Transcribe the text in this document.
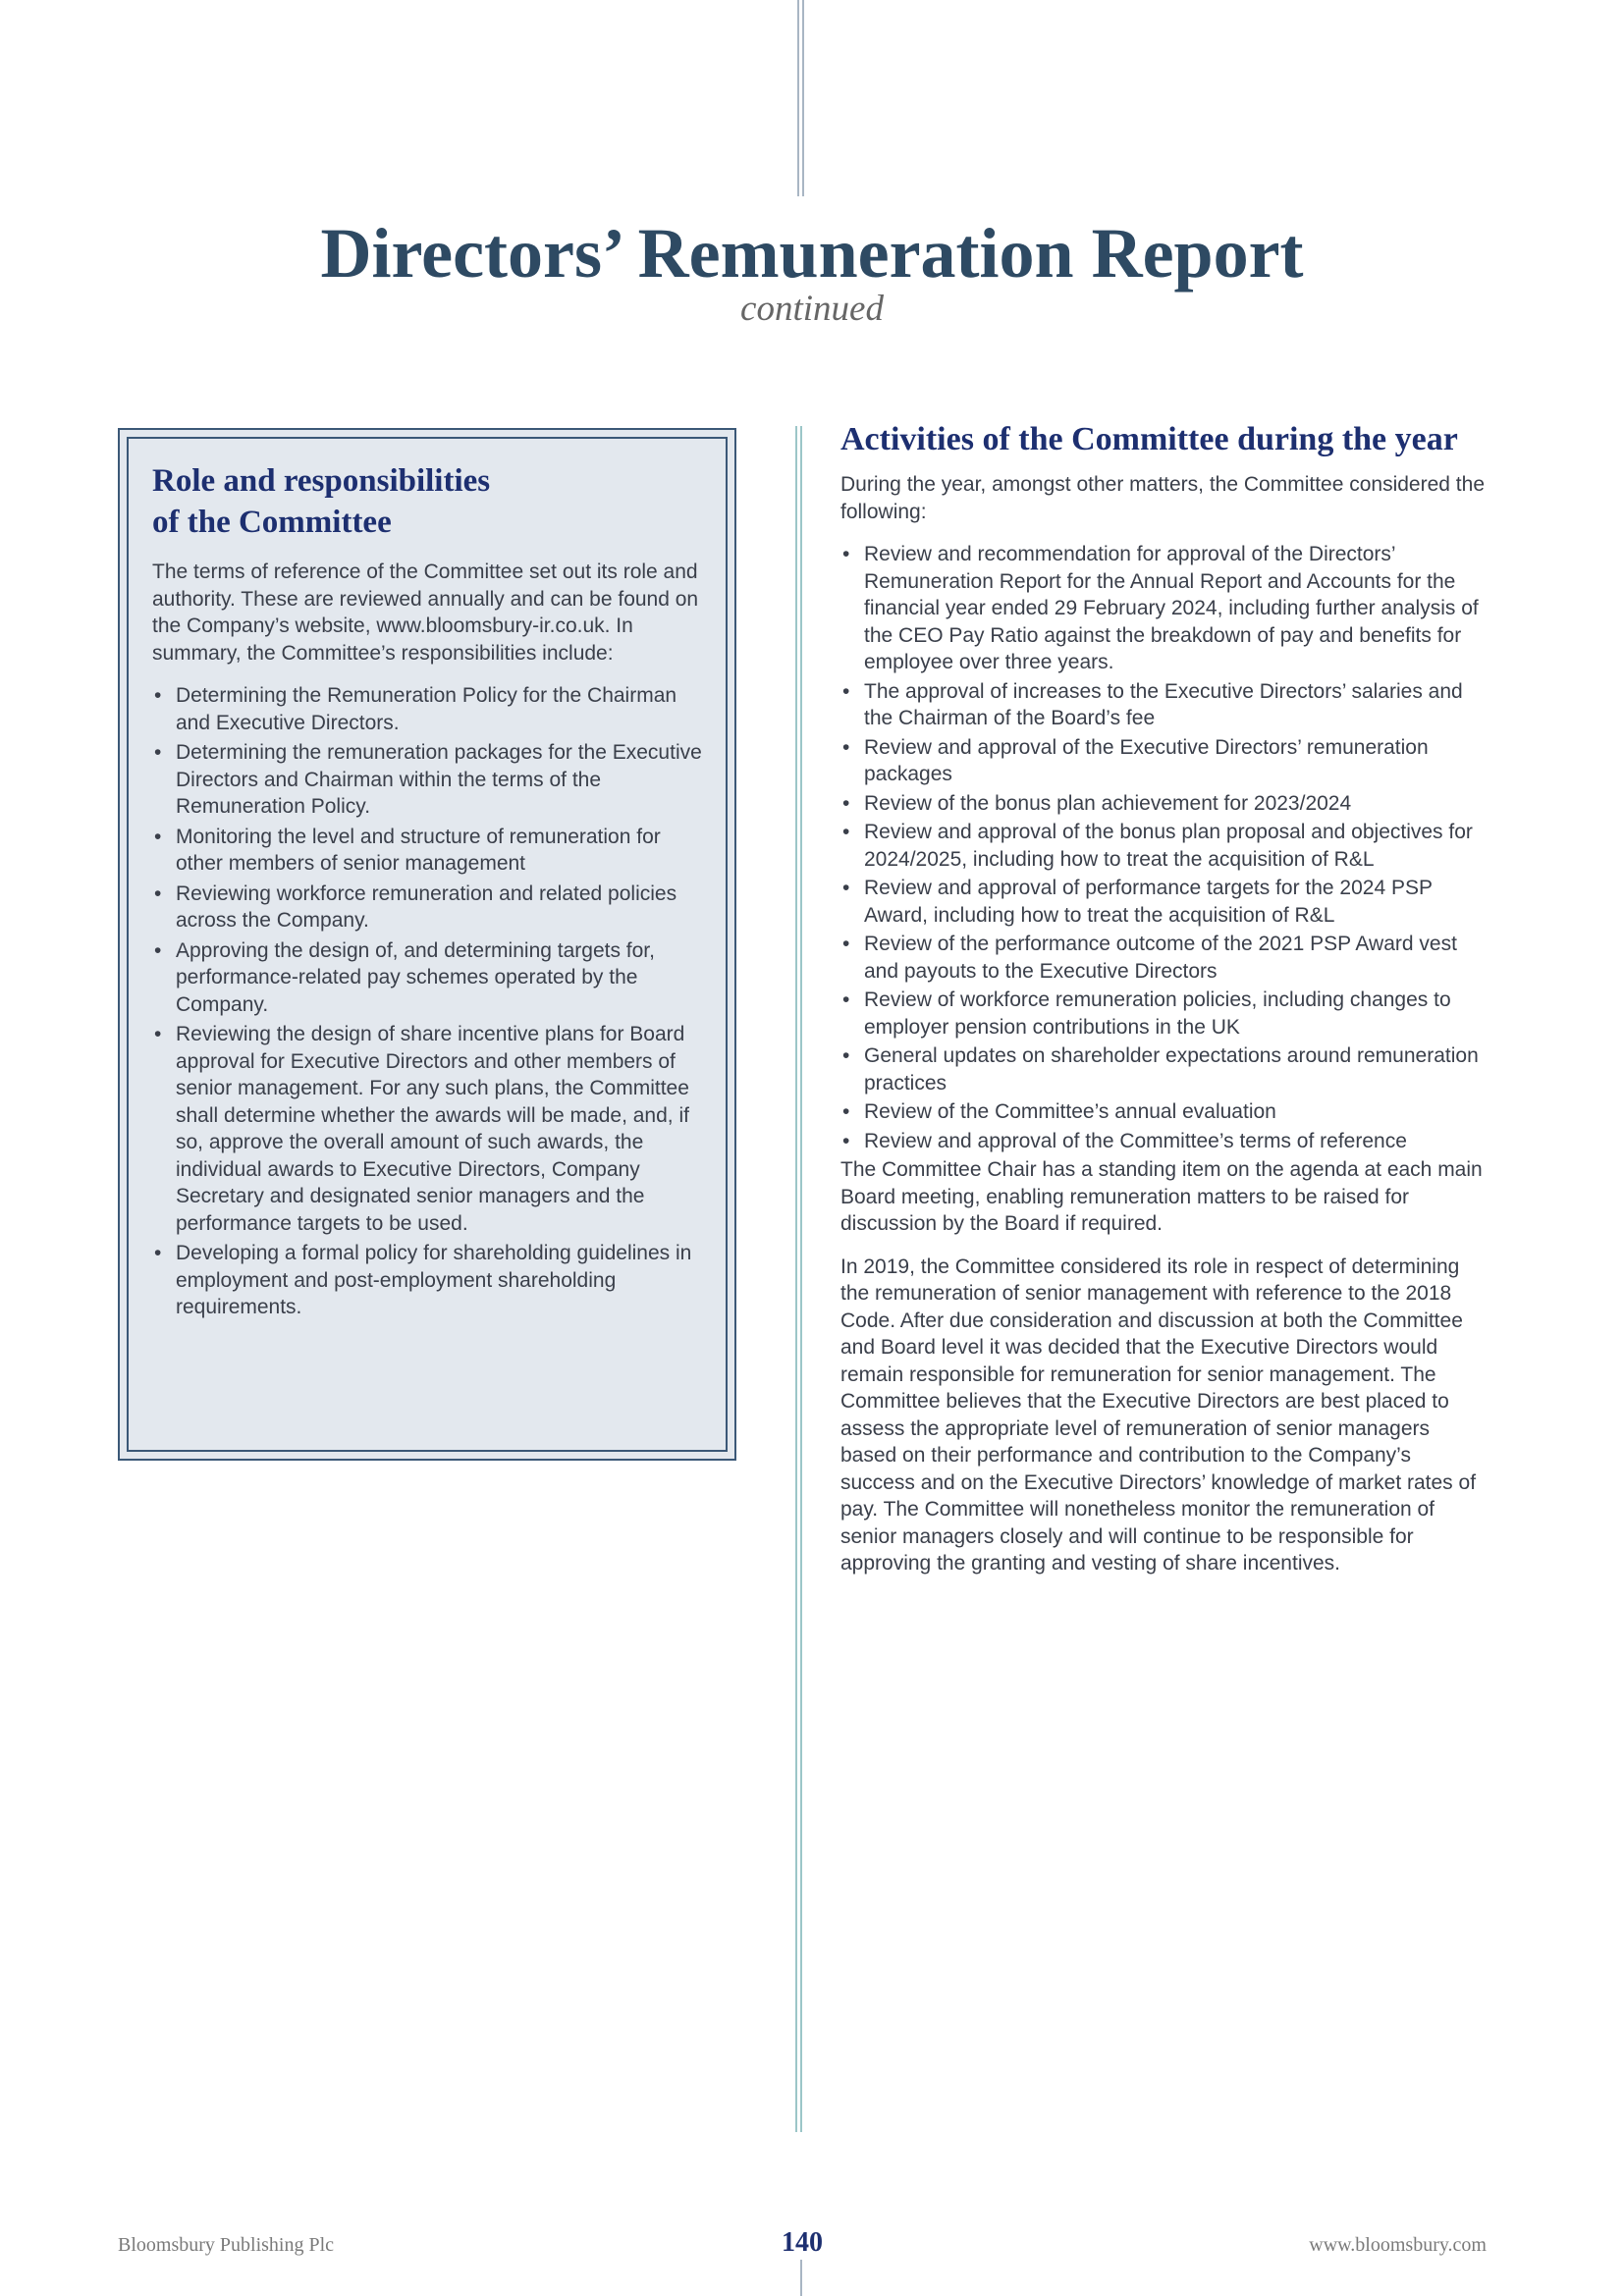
Directors’ Remuneration Report
continued
Role and responsibilities
of the Committee

The terms of reference of the Committee set out its role and authority. These are reviewed annually and can be found on the Company’s website, www.bloomsbury-ir.co.uk. In summary, the Committee’s responsibilities include:

• Determining the Remuneration Policy for the Chairman and Executive Directors.
• Determining the remuneration packages for the Executive Directors and Chairman within the terms of the Remuneration Policy.
• Monitoring the level and structure of remuneration for other members of senior management
• Reviewing workforce remuneration and related policies across the Company.
• Approving the design of, and determining targets for, performance-related pay schemes operated by the Company.
• Reviewing the design of share incentive plans for Board approval for Executive Directors and other members of senior management. For any such plans, the Committee shall determine whether the awards will be made, and, if so, approve the overall amount of such awards, the individual awards to Executive Directors, Company Secretary and designated senior managers and the performance targets to be used.
• Developing a formal policy for shareholding guidelines in employment and post-employment shareholding requirements.
Activities of the Committee during the year

During the year, amongst other matters, the Committee considered the following:

• Review and recommendation for approval of the Directors’ Remuneration Report for the Annual Report and Accounts for the financial year ended 29 February 2024, including further analysis of the CEO Pay Ratio against the breakdown of pay and benefits for employee over three years.
• The approval of increases to the Executive Directors’ salaries and the Chairman of the Board’s fee
• Review and approval of the Executive Directors’ remuneration packages
• Review of the bonus plan achievement for 2023/2024
• Review and approval of the bonus plan proposal and objectives for 2024/2025, including how to treat the acquisition of R&L
• Review and approval of performance targets for the 2024 PSP Award, including how to treat the acquisition of R&L
• Review of the performance outcome of the 2021 PSP Award vest and payouts to the Executive Directors
• Review of workforce remuneration policies, including changes to employer pension contributions in the UK
• General updates on shareholder expectations around remuneration practices
• Review of the Committee’s annual evaluation
• Review and approval of the Committee’s terms of reference

The Committee Chair has a standing item on the agenda at each main Board meeting, enabling remuneration matters to be raised for discussion by the Board if required.

In 2019, the Committee considered its role in respect of determining the remuneration of senior management with reference to the 2018 Code. After due consideration and discussion at both the Committee and Board level it was decided that the Executive Directors would remain responsible for remuneration for senior management. The Committee believes that the Executive Directors are best placed to assess the appropriate level of remuneration of senior managers based on their performance and contribution to the Company’s success and on the Executive Directors’ knowledge of market rates of pay. The Committee will nonetheless monitor the remuneration of senior managers closely and will continue to be responsible for approving the granting and vesting of share incentives.

Bloomsbury Publishing Plc	140	www.bloomsbury.com
